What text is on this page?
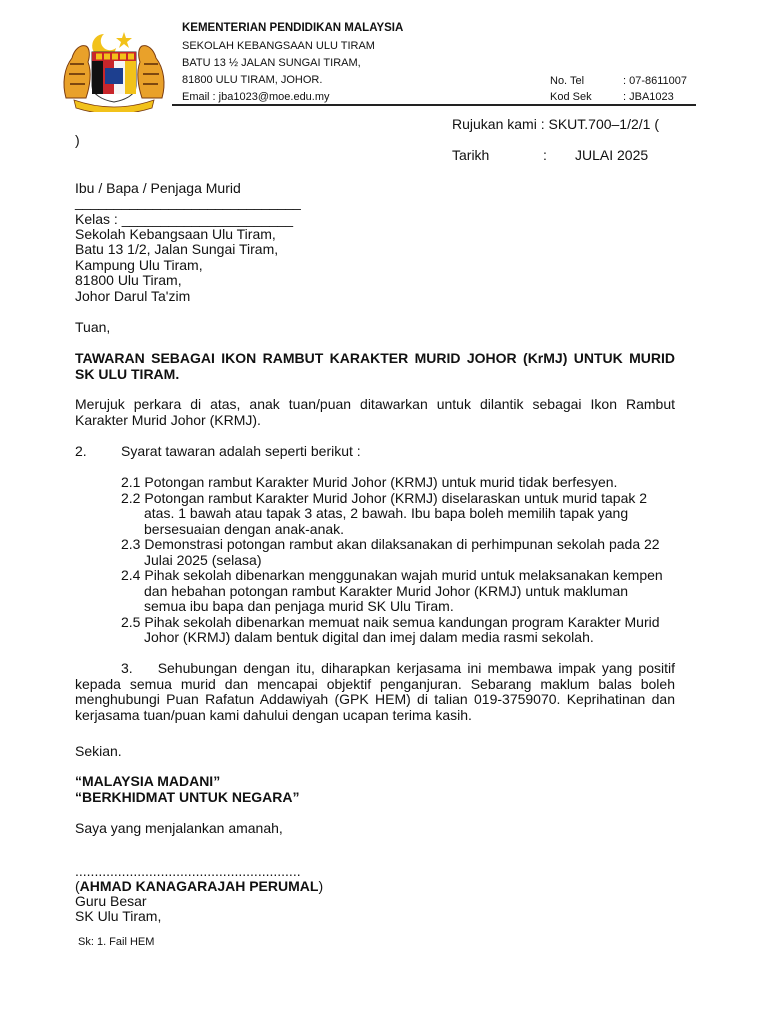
KEMENTERIAN PENDIDIKAN MALAYSIA
SEKOLAH KEBANGSAAN ULU TIRAM
BATU 13 ½ JALAN SUNGAI TIRAM,
81800 ULU TIRAM, JOHOR.
Email : jba1023@moe.edu.my
No. Tel	: 07-8611007
Kod Sek	: JBA1023
Rujukan kami : SKUT.700–1/2/1 (
)
Tarikh	: JULAI 2025
Ibu / Bapa / Penjaga Murid
_____________________________
Kelas : ______________________
Sekolah Kebangsaan Ulu Tiram,
Batu 13 1/2, Jalan Sungai Tiram,
Kampung Ulu Tiram,
81800 Ulu Tiram,
Johor Darul Ta'zim
Tuan,
TAWARAN SEBAGAI IKON RAMBUT KARAKTER MURID JOHOR (KrMJ) UNTUK MURID SK ULU TIRAM.
Merujuk perkara di atas, anak tuan/puan ditawarkan untuk dilantik sebagai Ikon Rambut Karakter Murid Johor (KRMJ).
2. Syarat tawaran adalah seperti berikut :
2.1 Potongan rambut Karakter Murid Johor (KRMJ) untuk murid tidak berfesyen.
2.2 Potongan rambut Karakter Murid Johor (KRMJ) diselaraskan untuk murid tapak 2 atas. 1 bawah atau tapak 3 atas, 2 bawah. Ibu bapa boleh memilih tapak yang bersesuaian dengan anak-anak.
2.3 Demonstrasi potongan rambut akan dilaksanakan di perhimpunan sekolah pada 22 Julai 2025 (selasa)
2.4 Pihak sekolah dibenarkan menggunakan wajah murid untuk melaksanakan kempen dan hebahan potongan rambut Karakter Murid Johor (KRMJ) untuk makluman semua ibu bapa dan penjaga murid SK Ulu Tiram.
2.5 Pihak sekolah dibenarkan memuat naik semua kandungan program Karakter Murid Johor (KRMJ) dalam bentuk digital dan imej dalam media rasmi sekolah.
3. Sehubungan dengan itu, diharapkan kerjasama ini membawa impak yang positif kepada semua murid dan mencapai objektif penganjuran. Sebarang maklum balas boleh menghubungi Puan Rafatun Addawiyah (GPK HEM) di talian 019-3759070. Keprihatinan dan kerjasama tuan/puan kami dahului dengan ucapan terima kasih.
Sekian.
“MALAYSIA MADANI”
“BERKHIDMAT UNTUK NEGARA”
Saya yang menjalankan amanah,
..........................................................
(AHMAD KANAGARAJAH PERUMAL)
Guru Besar
SK Ulu Tiram,
Sk: 1. Fail HEM
